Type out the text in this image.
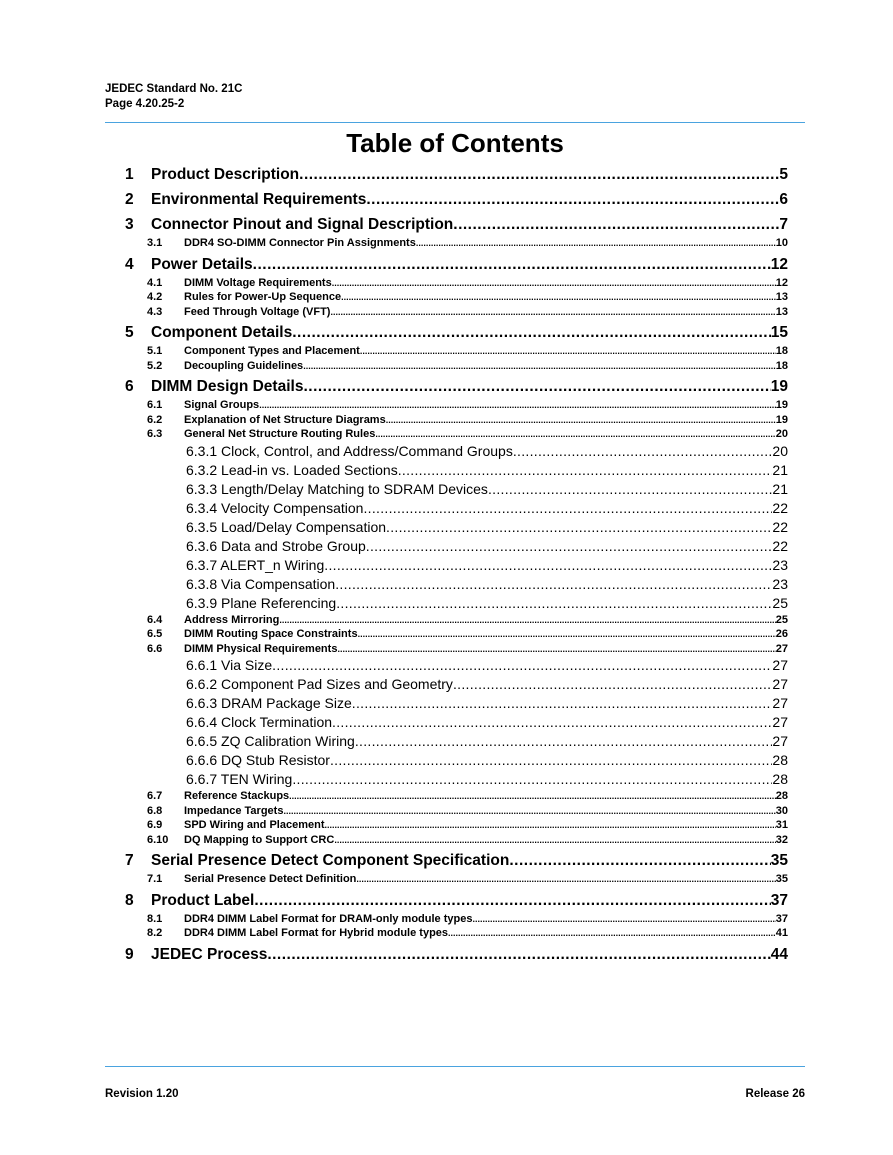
JEDEC Standard No. 21C
Page 4.20.25-2
Table of Contents
1	Product Description .....	5
2	Environmental Requirements .....	6
3	Connector Pinout and Signal Description .....	7
3.1	DDR4 SO-DIMM Connector Pin Assignments .....	10
4	Power Details .....	12
4.1	DIMM Voltage Requirements .....	12
4.2	Rules for Power-Up Sequence .....	13
4.3	Feed Through Voltage (VFT) .....	13
5	Component Details .....	15
5.1	Component Types and Placement .....	18
5.2	Decoupling Guidelines .....	18
6	DIMM Design Details .....	19
6.1	Signal Groups .....	19
6.2	Explanation of Net Structure Diagrams .....	19
6.3	General Net Structure Routing Rules .....	20
6.3.1 Clock, Control, and Address/Command Groups .....	20
6.3.2 Lead-in vs. Loaded Sections .....	21
6.3.3 Length/Delay Matching to SDRAM Devices .....	21
6.3.4 Velocity Compensation .....	22
6.3.5 Load/Delay Compensation .....	22
6.3.6 Data and Strobe Group .....	22
6.3.7 ALERT_n Wiring .....	23
6.3.8 Via Compensation .....	23
6.3.9 Plane Referencing .....	25
6.4	Address Mirroring .....	25
6.5	DIMM Routing Space Constraints .....	26
6.6	DIMM Physical Requirements .....	27
6.6.1 Via Size .....	27
6.6.2 Component Pad Sizes and Geometry .....	27
6.6.3 DRAM Package Size .....	27
6.6.4 Clock Termination .....	27
6.6.5 ZQ Calibration Wiring .....	27
6.6.6 DQ Stub Resistor .....	28
6.6.7 TEN Wiring .....	28
6.7	Reference Stackups .....	28
6.8	Impedance Targets .....	30
6.9	SPD Wiring and Placement .....	31
6.10	DQ Mapping to Support CRC .....	32
7	Serial Presence Detect Component Specification .....	35
7.1	Serial Presence Detect Definition .....	35
8	Product Label .....	37
8.1	DDR4 DIMM Label Format for DRAM-only module types .....	37
8.2	DDR4 DIMM Label Format for Hybrid module types .....	41
9	JEDEC Process .....	44
Revision 1.20	Release 26
